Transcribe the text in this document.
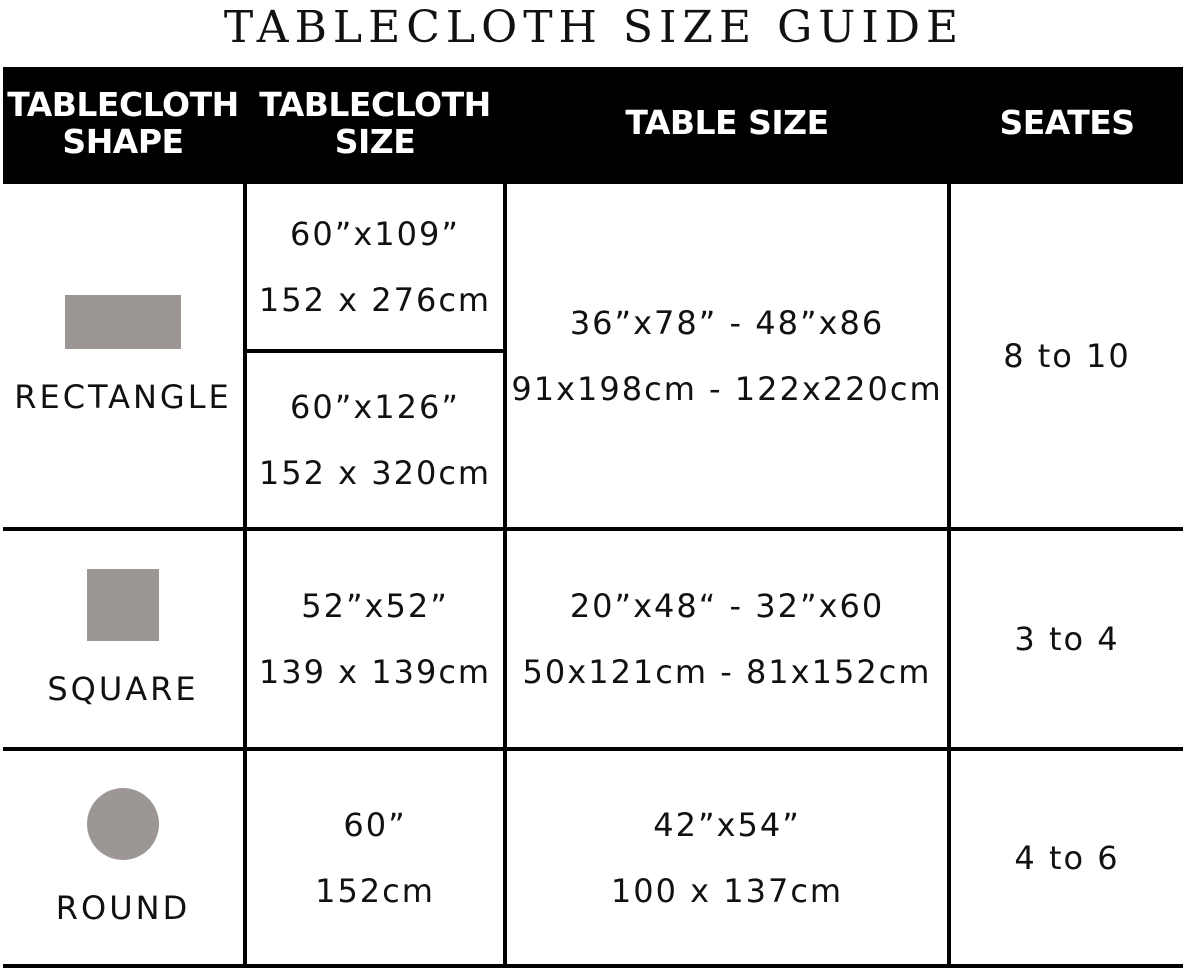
TABLECLOTH SIZE GUIDE
TABLECLOTH
SHAPE
TABLECLOTH
SIZE	TABLE SIZE	SEATES
RECTANGLE
60”x109”
152 x 276cm
60”x126”
152 x 320cm
36”x78” - 48”x86
91x198cm - 122x220cm
8 to 10
SQUARE
52”x52”
139 x 139cm
20”x48“ - 32”x60
50x121cm - 81x152cm
3 to 4
ROUND
60”
152cm
42”x54”
100 x 137cm
4 to 6
